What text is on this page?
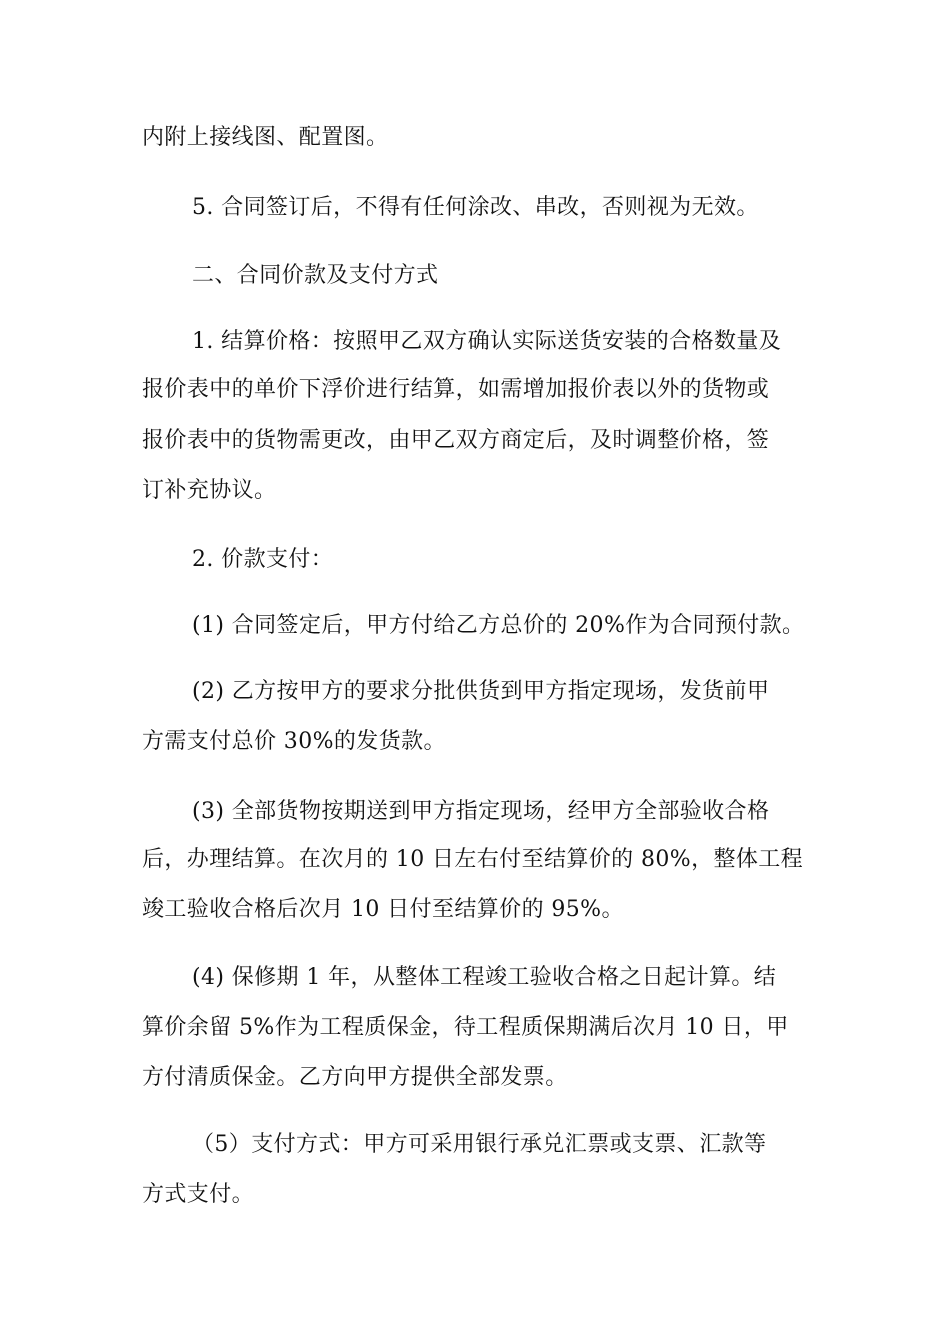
内附上接线图、配置图。
5. 合同签订后，不得有任何涂改、串改，否则视为无效。
二、合同价款及支付方式
1. 结算价格：按照甲乙双方确认实际送货安装的合格数量及
报价表中的单价下浮价进行结算，如需增加报价表以外的货物或
报价表中的货物需更改，由甲乙双方商定后，及时调整价格，签
订补充协议。
2. 价款支付：
(1) 合同签定后，甲方付给乙方总价的 20%作为合同预付款。
(2) 乙方按甲方的要求分批供货到甲方指定现场，发货前甲
方需支付总价 30%的发货款。
(3) 全部货物按期送到甲方指定现场，经甲方全部验收合格
后，办理结算。在次月的 10 日左右付至结算价的 80%，整体工程
竣工验收合格后次月 10 日付至结算价的 95%。
(4) 保修期 1 年，从整体工程竣工验收合格之日起计算。结
算价余留 5%作为工程质保金，待工程质保期满后次月 10 日，甲
方付清质保金。乙方向甲方提供全部发票。
（5）支付方式：甲方可采用银行承兑汇票或支票、汇款等
方式支付。
